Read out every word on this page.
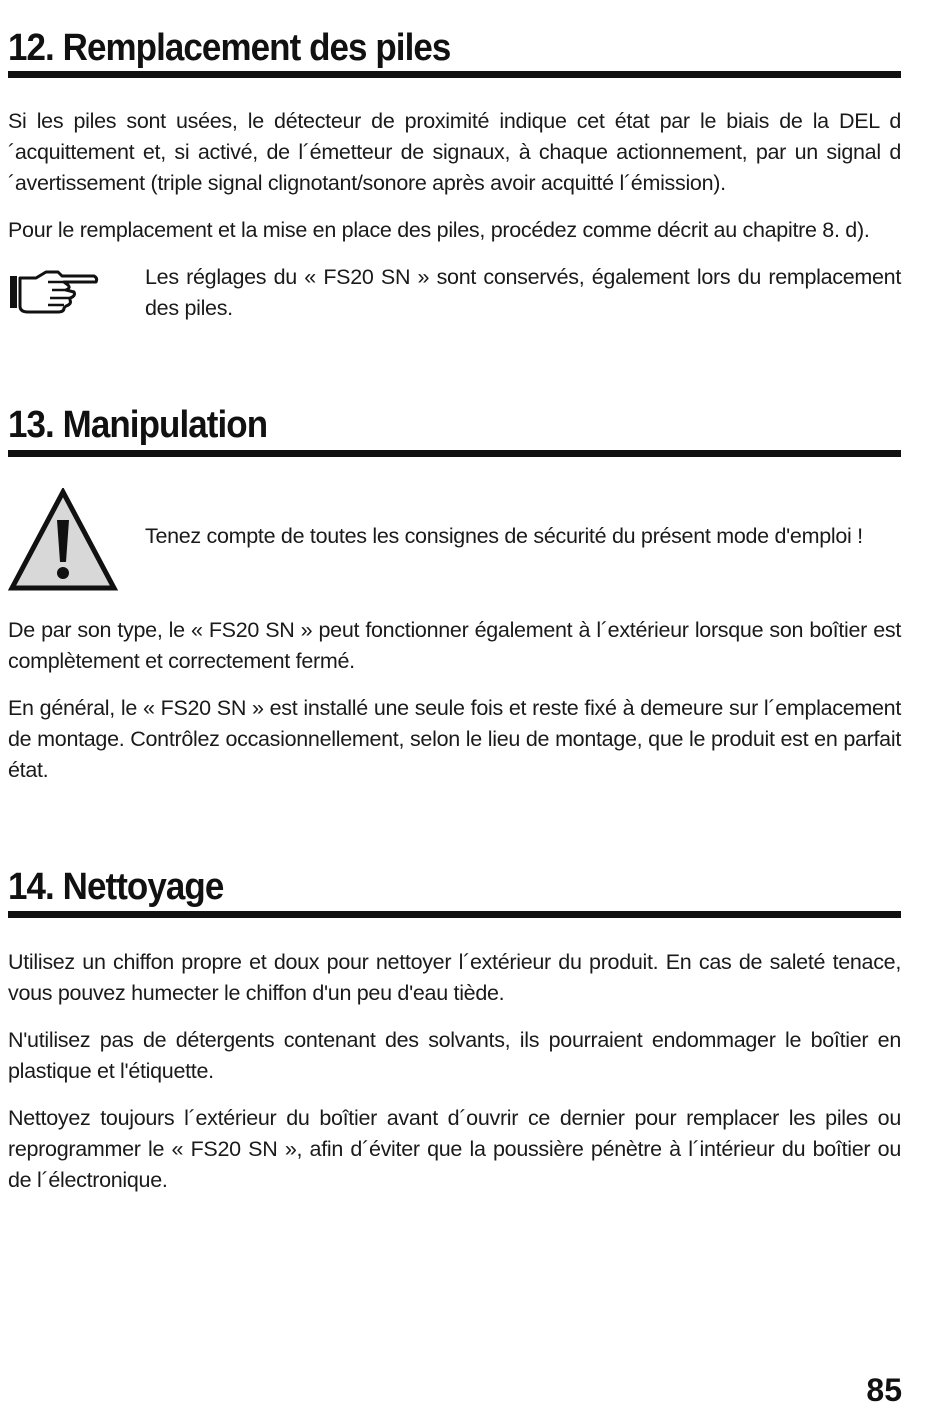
12. Remplacement des piles

Si les piles sont usées, le détecteur de proximité indique cet état par le biais de la DEL d´acquittement et, si activé, de l´émetteur de signaux, à chaque actionnement, par un signal d´avertissement (triple signal clignotant/sonore après avoir acquitté l´émission).

Pour le remplacement et la mise en place des piles, procédez comme décrit au chapitre 8. d).

Les réglages du « FS20 SN » sont conservés, également lors du remplacement des piles.

13. Manipulation

Tenez compte de toutes les consignes de sécurité du présent mode d'emploi !

De par son type, le « FS20 SN » peut fonctionner également à l´extérieur lorsque son boîtier est complètement et correctement fermé.

En général, le « FS20 SN » est installé une seule fois et reste fixé à demeure sur l´emplacement de montage. Contrôlez occasionnellement, selon le lieu de montage, que le produit est en parfait état.

14. Nettoyage

Utilisez un chiffon propre et doux pour nettoyer l´extérieur du produit. En cas de saleté tenace, vous pouvez humecter le chiffon d'un peu d'eau tiède.

N'utilisez pas de détergents contenant des solvants, ils pourraient endommager le boîtier en plastique et l'étiquette.

Nettoyez toujours l´extérieur du boîtier avant d´ouvrir ce dernier pour remplacer les piles ou reprogrammer le « FS20 SN », afin d´éviter que la poussière pénètre à l´intérieur du boîtier ou de l´électronique.

85
